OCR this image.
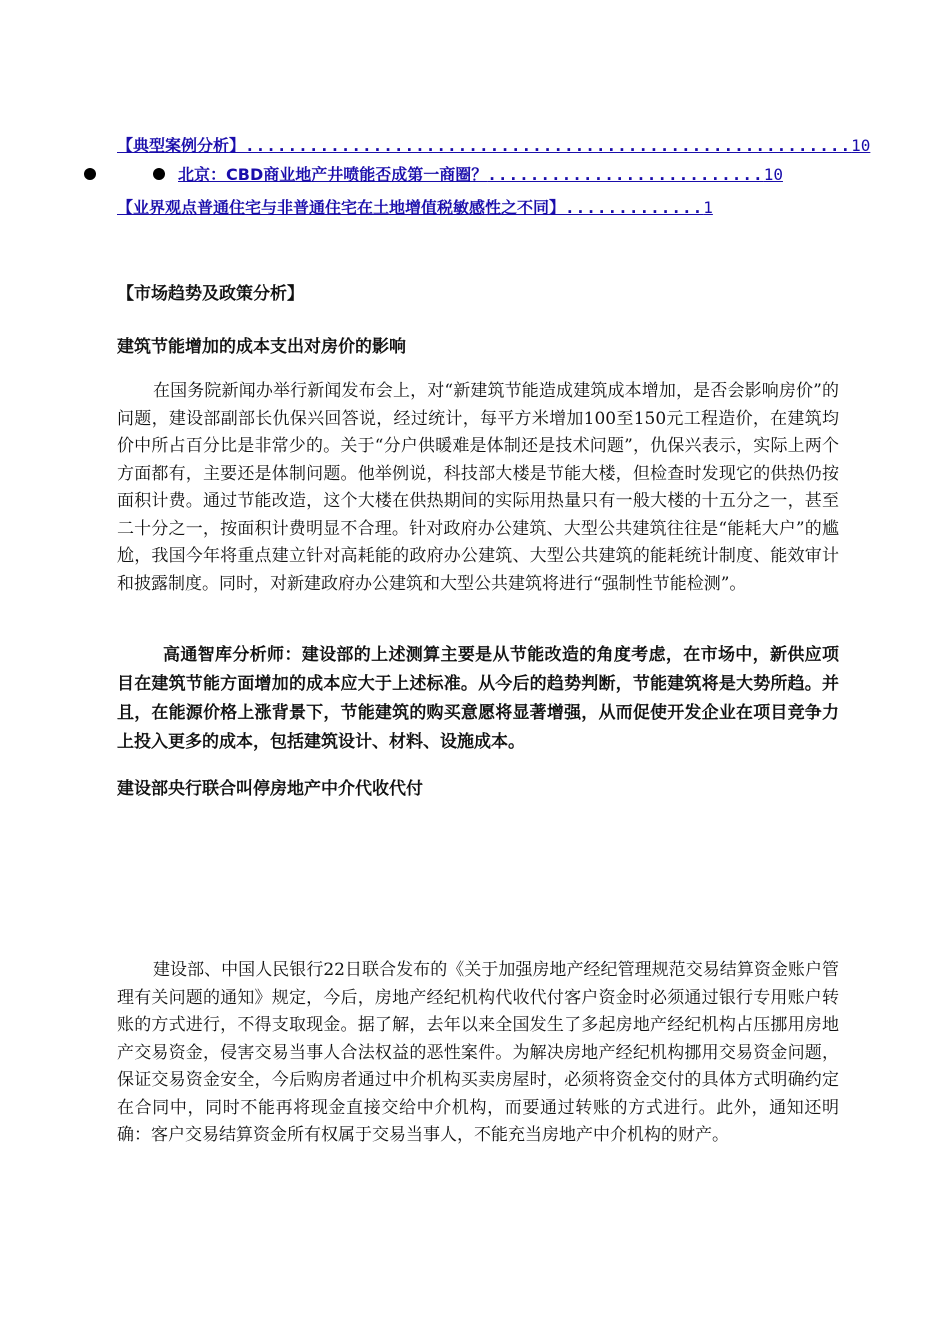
【典型案例分析】.........................................................10
北京：CBD商业地产井喷能否成第一商圈？..........................10
【业界观点普通住宅与非普通住宅在土地增值税敏感性之不同】.............1
【市场趋势及政策分析】
建筑节能增加的成本支出对房价的影响
在国务院新闻办举行新闻发布会上，对“新建筑节能造成建筑成本增加，是否会影响房价”的问题，建设部副部长仇保兴回答说，经过统计，每平方米增加100至150元工程造价，在建筑均价中所占百分比是非常少的。关于“分户供暖难是体制还是技术问题”，仇保兴表示，实际上两个方面都有，主要还是体制问题。他举例说，科技部大楼是节能大楼，但检查时发现它的供热仍按面积计费。通过节能改造，这个大楼在供热期间的实际用热量只有一般大楼的十五分之一，甚至二十分之一，按面积计费明显不合理。针对政府办公建筑、大型公共建筑往往是“能耗大户”的尴尬，我国今年将重点建立针对高耗能的政府办公建筑、大型公共建筑的能耗统计制度、能效审计和披露制度。同时，对新建政府办公建筑和大型公共建筑将进行“强制性节能检测”。
高通智库分析师：建设部的上述测算主要是从节能改造的角度考虑，在市场中，新供应项目在建筑节能方面增加的成本应大于上述标准。从今后的趋势判断，节能建筑将是大势所趋。并且，在能源价格上涨背景下，节能建筑的购买意愿将显著增强，从而促使开发企业在项目竞争力上投入更多的成本，包括建筑设计、材料、设施成本。
建设部央行联合叫停房地产中介代收代付
建设部、中国人民银行22日联合发布的《关于加强房地产经纪管理规范交易结算资金账户管理有关问题的通知》规定，今后，房地产经纪机构代收代付客户资金时必须通过银行专用账户转账的方式进行，不得支取现金。据了解，去年以来全国发生了多起房地产经纪机构占压挪用房地产交易资金，侵害交易当事人合法权益的恶性案件。为解决房地产经纪机构挪用交易资金问题，保证交易资金安全，今后购房者通过中介机构买卖房屋时，必须将资金交付的具体方式明确约定在合同中，同时不能再将现金直接交给中介机构，而要通过转账的方式进行。此外，通知还明确：客户交易结算资金所有权属于交易当事人，不能充当房地产中介机构的财产。
